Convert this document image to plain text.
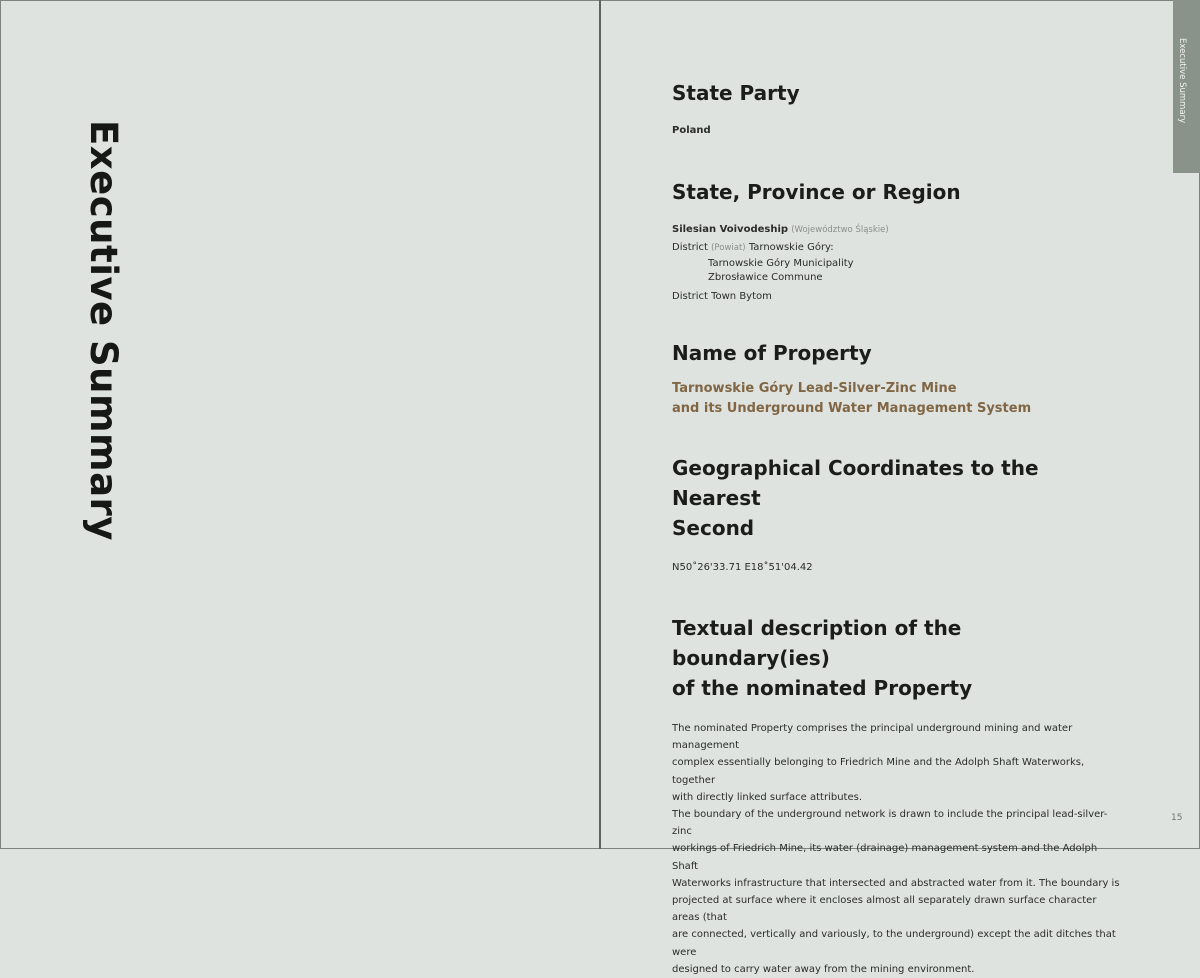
Executive Summary
Executive Summary
State Party

Poland

State, Province or Region

Silesian Voivodeship (Województwo Śląskie)

District (Powiat) Tarnowskie Góry:

Tarnowskie Góry Municipality

Zbrosławice Commune

District Town Bytom

Name of Property

Tarnowskie Góry Lead-Silver-Zinc Mine

and its Underground Water Management System

Geographical Coordinates to the Nearest
Second

N50˚26'33.71 E18˚51'04.42

Textual description of the boundary(ies)
of the nominated Property

The nominated Property comprises the principal underground mining and water management

complex essentially belonging to Friedrich Mine and the Adolph Shaft Waterworks, together

with directly linked surface attributes.

The boundary of the underground network is drawn to include the principal lead-silver-zinc

workings of Friedrich Mine, its water (drainage) management system and the Adolph Shaft

Waterworks infrastructure that intersected and abstracted water from it. The boundary is

projected at surface where it encloses almost all separately drawn surface character areas (that

are connected, vertically and variously, to the underground) except the adit ditches that were

designed to carry water away from the mining environment.

15
